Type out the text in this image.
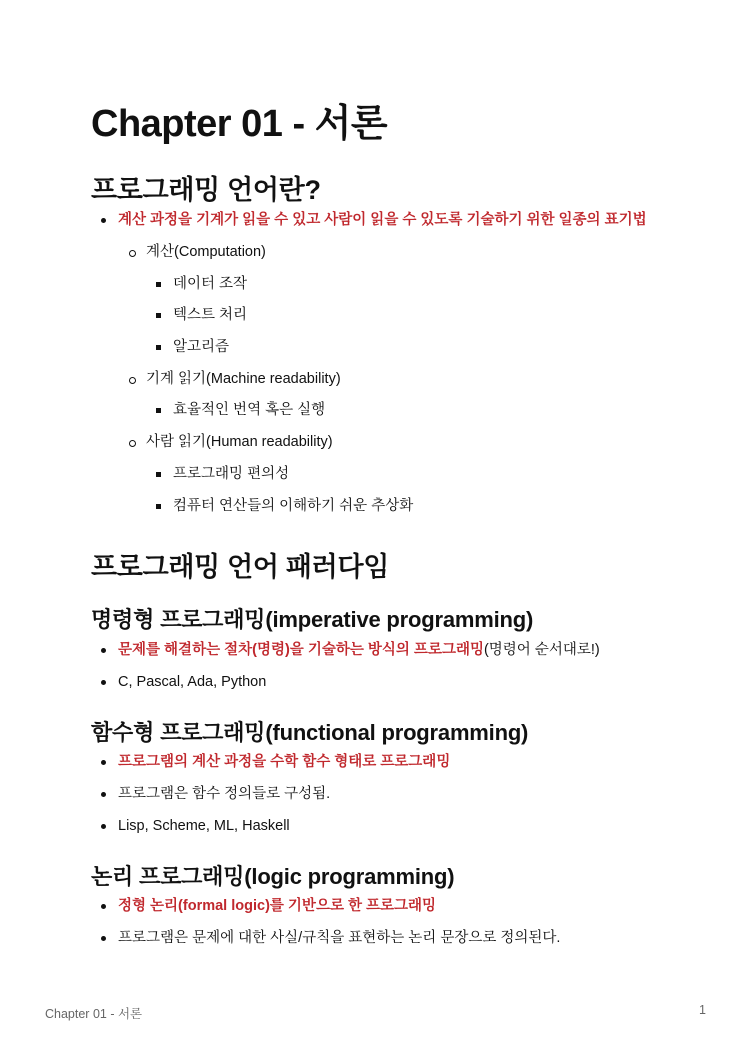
Chapter 01 - 서론
프로그래밍 언어란?
계산 과정을 기계가 읽을 수 있고 사람이 읽을 수 있도록 기술하기 위한 일종의 표기법
계산(Computation)
데이터 조작
텍스트 처리
알고리즘
기계 읽기(Machine readability)
효율적인 번역 혹은 실행
사람 읽기(Human readability)
프로그래밍 편의성
컴퓨터 연산들의 이해하기 쉬운 추상화
프로그래밍 언어 패러다임
명령형 프로그래밍(imperative programming)
문제를 해결하는 절차(명령)을 기술하는 방식의 프로그래밍(명령어 순서대로!)
C, Pascal, Ada, Python
함수형 프로그래밍(functional programming)
프로그램의 계산 과정을 수학 함수 형태로 프로그래밍
프로그램은 함수 정의들로 구성됨.
Lisp, Scheme, ML, Haskell
논리 프로그래밍(logic programming)
정형 논리(formal logic)를 기반으로 한 프로그래밍
프로그램은 문제에 대한 사실/규칙을 표현하는 논리 문장으로 정의된다.
Chapter 01 - 서론	1
